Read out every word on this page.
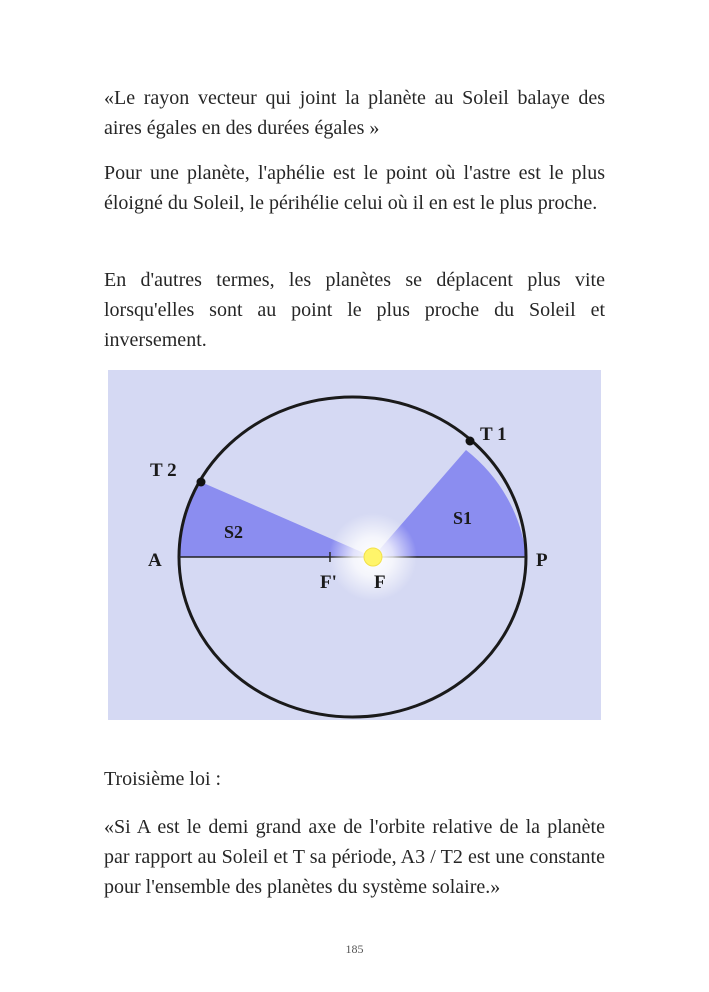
«Le rayon vecteur qui joint la planète au Soleil balaye des aires égales en des durées égales »

Pour une planète, l'aphélie est le point où l'astre est le plus éloigné du Soleil, le périhélie celui où il en est le plus proche.

En d'autres termes, les planètes se déplacent plus vite lorsqu'elles sont au point le plus proche du Soleil et inversement.

T 1
T 2
A	P
F' F
S1
S2

Troisième loi :

«Si A est le demi grand axe de l'orbite relative de la planète par rapport au Soleil et T sa période, A3 / T2 est une constante pour l'ensemble des planètes du système solaire.»

185
